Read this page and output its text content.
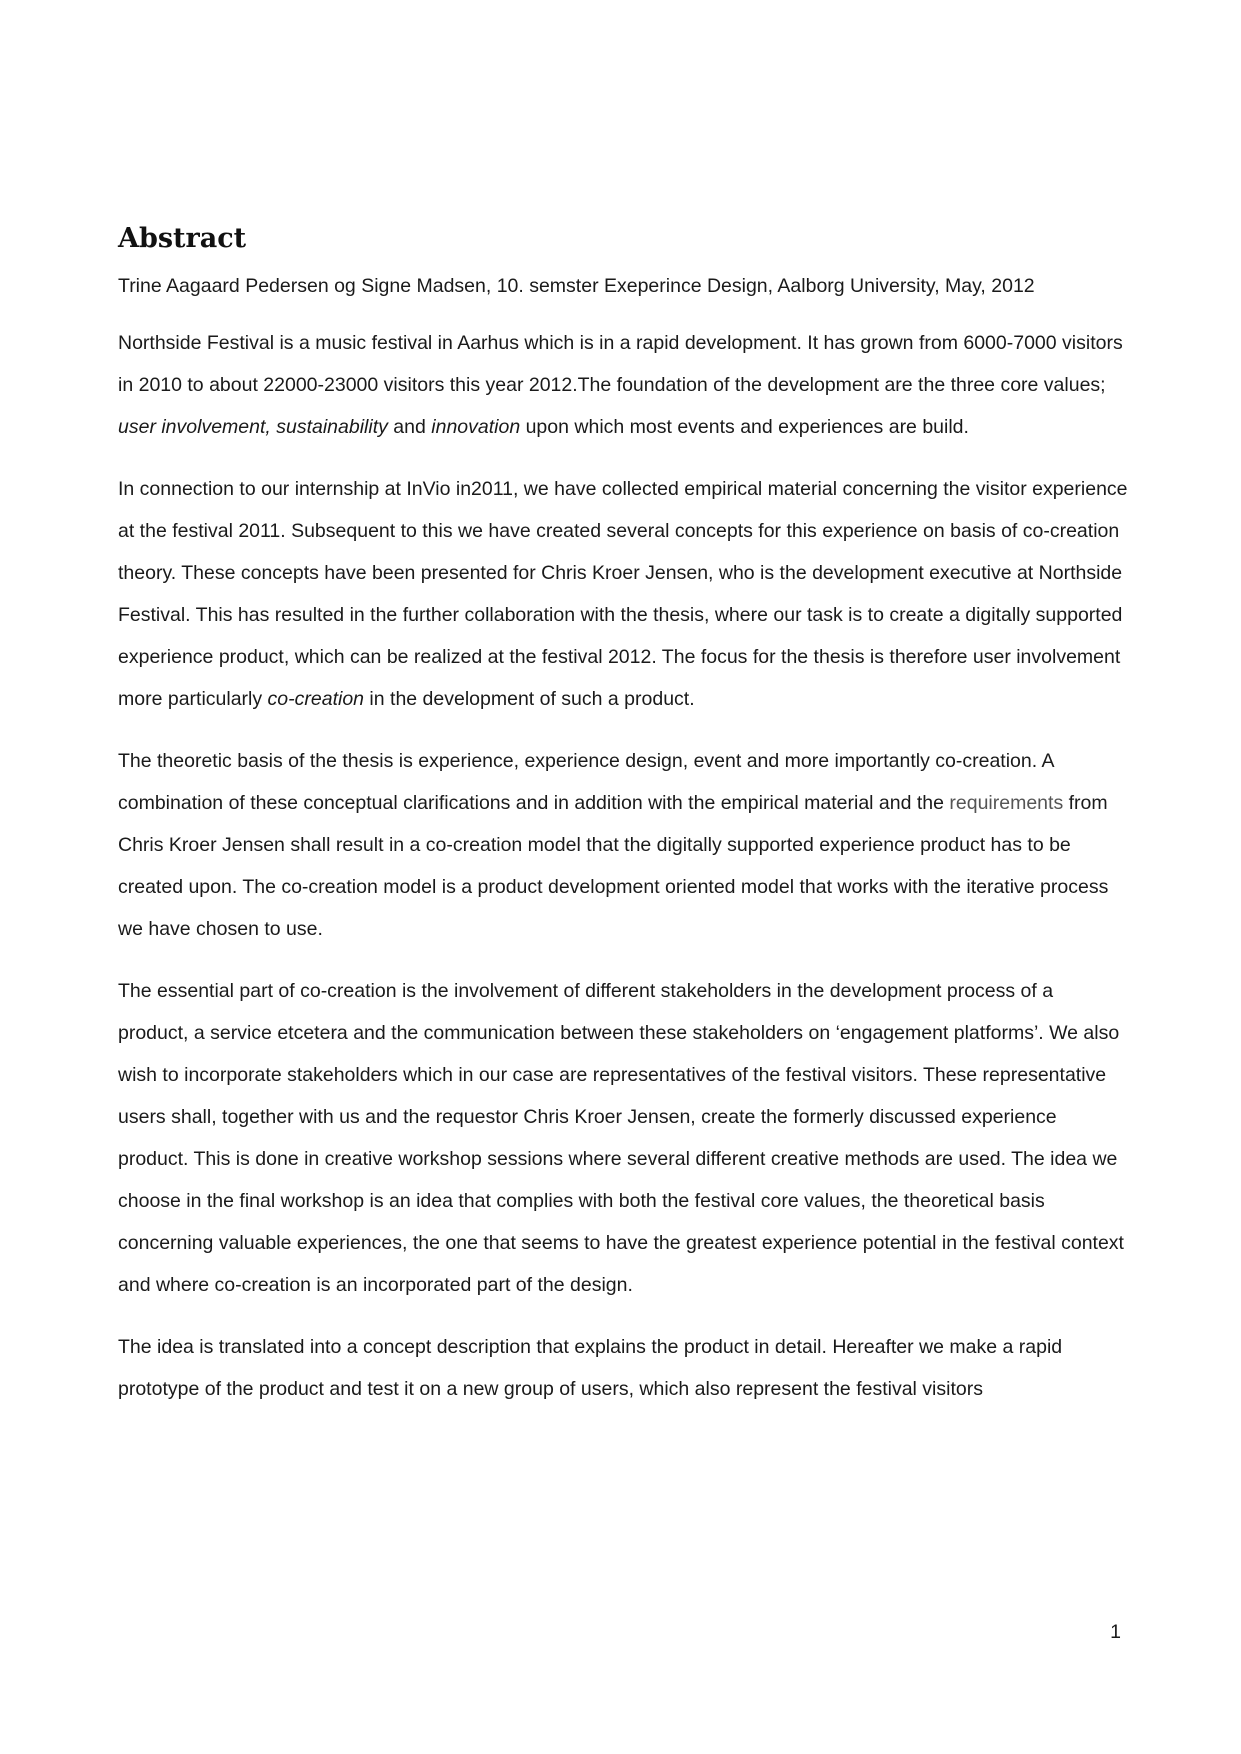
Abstract

Trine Aagaard Pedersen og Signe Madsen, 10. semster Exeperince Design, Aalborg University, May, 2012

Northside Festival is a music festival in Aarhus which is in a rapid development. It has grown from 6000-7000 visitors in 2010 to about 22000-23000 visitors this year 2012.The foundation of the development are the three core values; user involvement, sustainability and innovation upon which most events and experiences are build.

In connection to our internship at InVio in2011, we have collected empirical material concerning the visitor experience at the festival 2011. Subsequent to this we have created several concepts for this experience on basis of co-creation theory. These concepts have been presented for Chris Kroer Jensen, who is the development executive at Northside Festival. This has resulted in the further collaboration with the thesis, where our task is to create a digitally supported experience product, which can be realized at the festival 2012. The focus for the thesis is therefore user involvement more particularly co-creation in the development of such a product.

The theoretic basis of the thesis is experience, experience design, event and more importantly co-creation. A combination of these conceptual clarifications and in addition with the empirical material and the requirements from Chris Kroer Jensen shall result in a co-creation model that the digitally supported experience product has to be created upon. The co-creation model is a product development oriented model that works with the iterative process we have chosen to use.

The essential part of co-creation is the involvement of different stakeholders in the development process of a product, a service etcetera and the communication between these stakeholders on ‘engagement platforms’. We also wish to incorporate stakeholders which in our case are representatives of the festival visitors. These representative users shall, together with us and the requestor Chris Kroer Jensen, create the formerly discussed experience product. This is done in creative workshop sessions where several different creative methods are used. The idea we choose in the final workshop is an idea that complies with both the festival core values, the theoretical basis concerning valuable experiences, the one that seems to have the greatest experience potential in the festival context and where co-creation is an incorporated part of the design.

The idea is translated into a concept description that explains the product in detail. Hereafter we make a rapid prototype of the product and test it on a new group of users, which also represent the festival visitors

1
